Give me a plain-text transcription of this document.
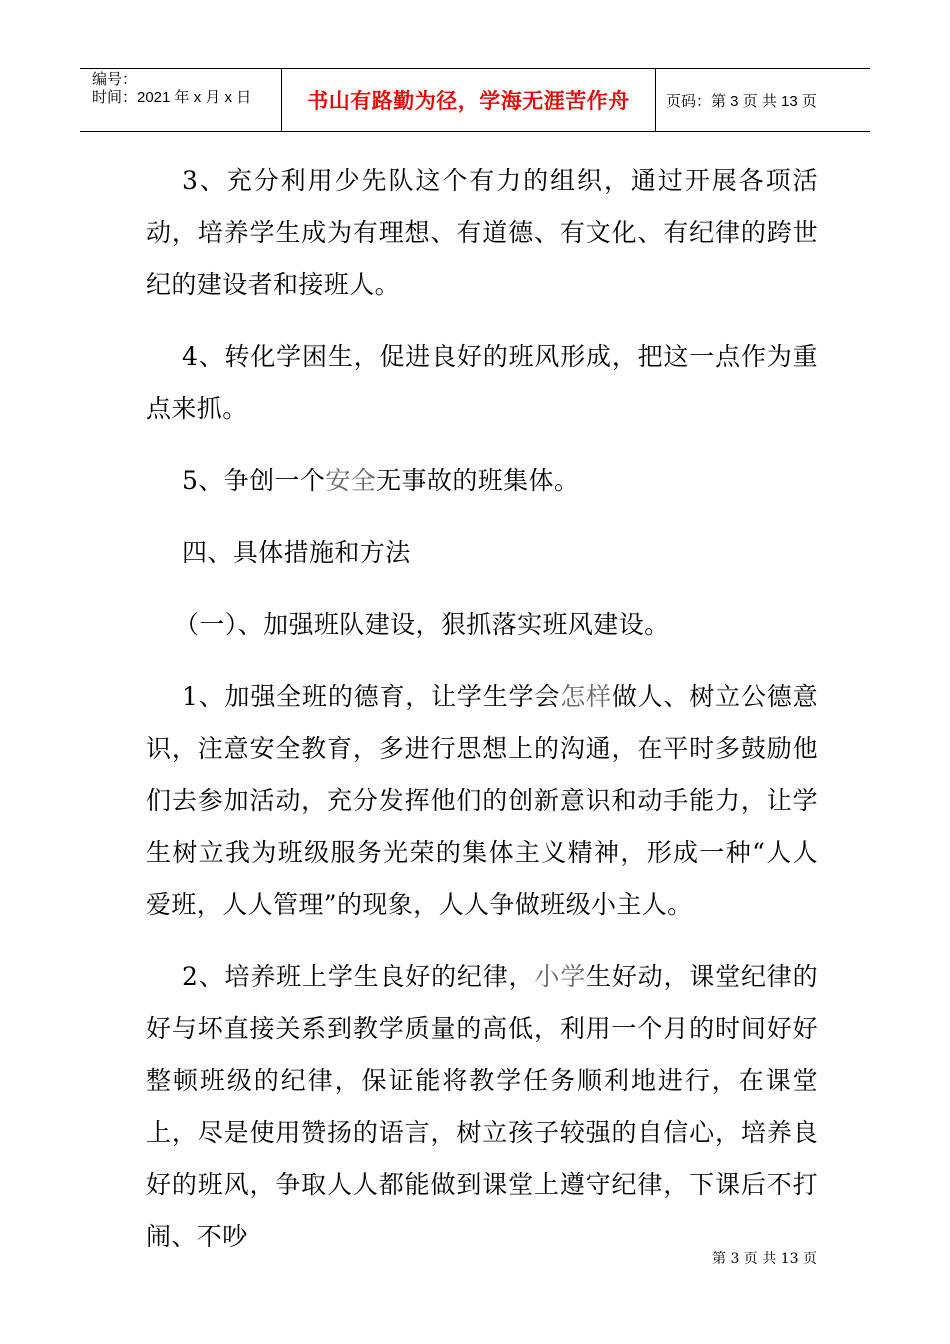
编号：
时间：2021 年 x 月 x 日	书山有路勤为径，学海无涯苦作舟	页码：第 3 页 共 13 页

3、充分利用少先队这个有力的组织，通过开展各项活动，培养学生成为有理想、有道德、有文化、有纪律的跨世纪的建设者和接班人。

4、转化学困生，促进良好的班风形成，把这一点作为重点来抓。

5、争创一个安全无事故的班集体。

四、具体措施和方法

（一）、加强班队建设，狠抓落实班风建设。

1、加强全班的德育，让学生学会怎样做人、树立公德意识，注意安全教育，多进行思想上的沟通，在平时多鼓励他们去参加活动，充分发挥他们的创新意识和动手能力，让学生树立我为班级服务光荣的集体主义精神，形成一种“人人爱班，人人管理”的现象，人人争做班级小主人。

2、培养班上学生良好的纪律，小学生好动，课堂纪律的好与坏直接关系到教学质量的高低，利用一个月的时间好好整顿班级的纪律，保证能将教学任务顺利地进行，在课堂上，尽是使用赞扬的语言，树立孩子较强的自信心，培养良好的班风，争取人人都能做到课堂上遵守纪律，下课后不打闹、不吵

第 3 页 共 13 页
